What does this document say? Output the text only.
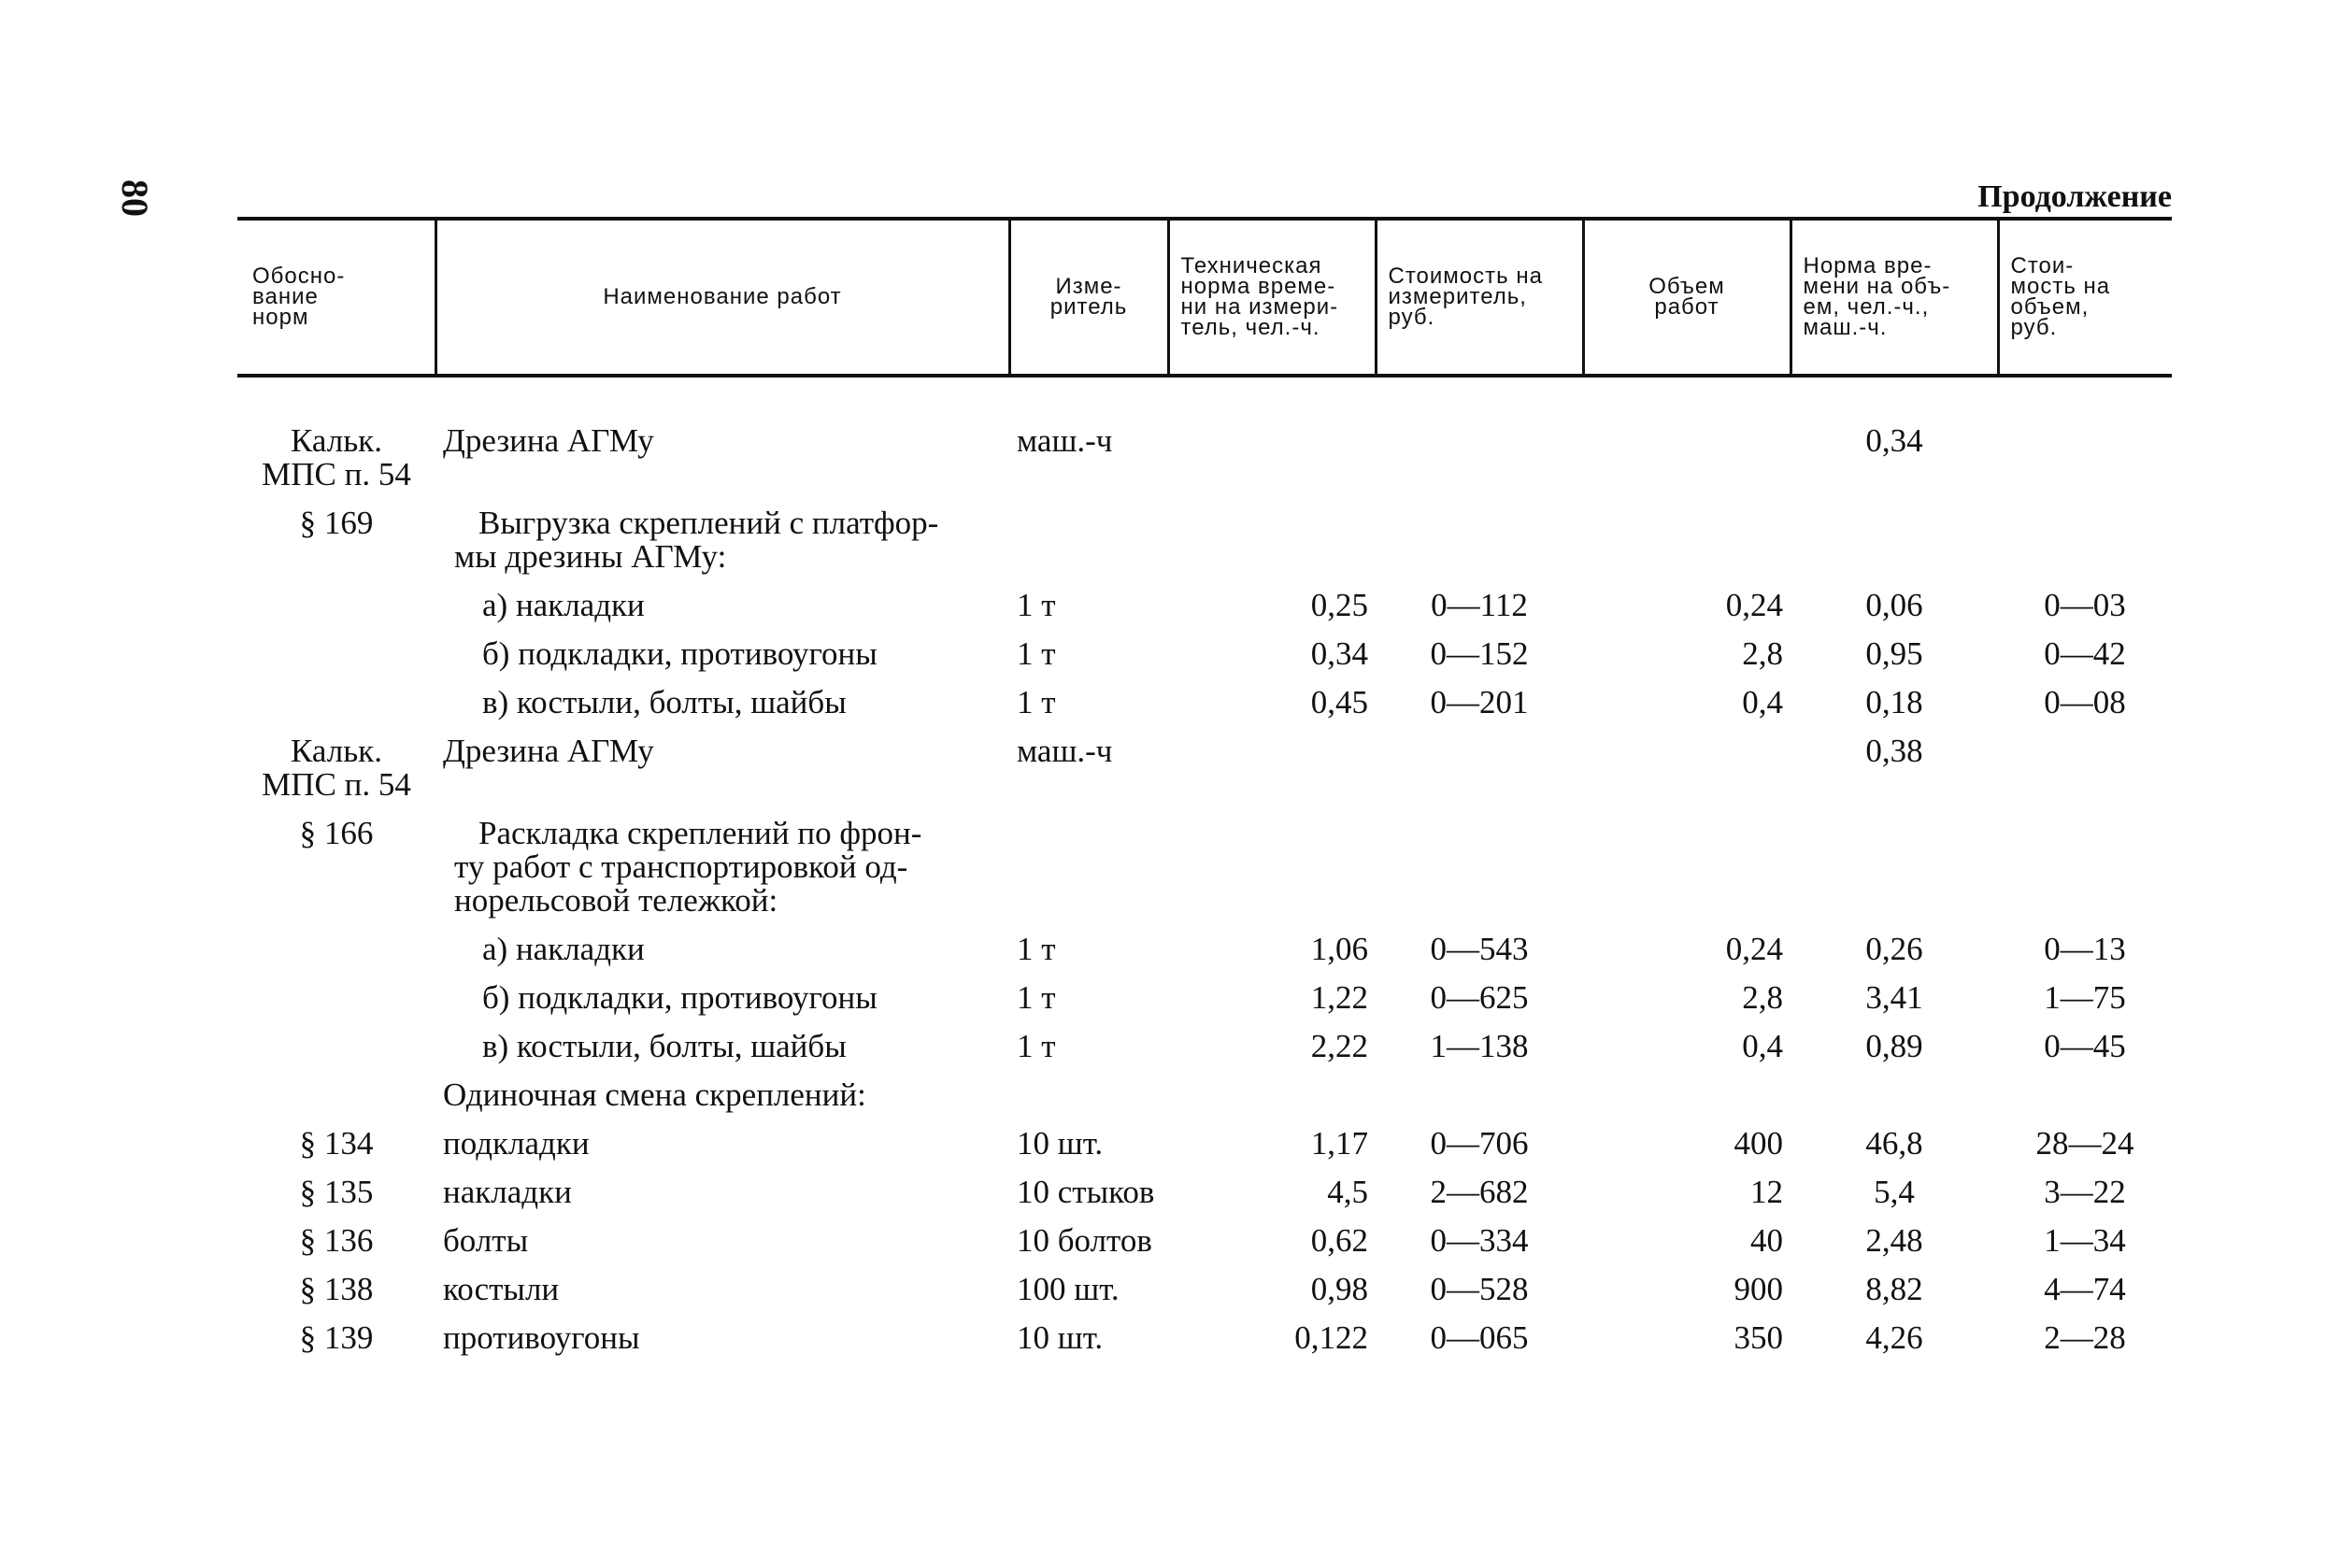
80	Продолжение
Обосно-
вание
норм	Наименование работ	Изме-
ритель	Техническая
норма време-
ни на измери-
тель, чел.-ч.	Стоимость на
измеритель,
руб.	Объем
работ	Норма вре-
мени на объ-
ем, чел.-ч.,
маш.-ч.	Стои-
мость на
объем,
руб.

Кальк.
МПС п. 54	Дрезина АГМу	маш.-ч				0,34	
§ 169	Выгрузка скреплений с платфор-
мы дрезины АГМу:						
	а) накладки	1 т	0,25	0—112	0,24	0,06	0—03
	б) подкладки, противоугоны	1 т	0,34	0—152	2,8	0,95	0—42
	в) костыли, болты, шайбы	1 т	0,45	0—201	0,4	0,18	0—08
Кальк.
МПС п. 54	Дрезина АГМу	маш.-ч				0,38	
§ 166	Раскладка скреплений по фрон-
ту работ с транспортировкой од-
норельсовой тележкой:						
	а) накладки	1 т	1,06	0—543	0,24	0,26	0—13
	б) подкладки, противоугоны	1 т	1,22	0—625	2,8	3,41	1—75
	в) костыли, болты, шайбы	1 т	2,22	1—138	0,4	0,89	0—45
	Одиночная смена скреплений:						
§ 134	подкладки	10 шт.	1,17	0—706	400	46,8	28—24
§ 135	накладки	10 стыков	4,5	2—682	12	5,4	3—22
§ 136	болты	10 болтов	0,62	0—334	40	2,48	1—34
§ 138	костыли	100 шт.	0,98	0—528	900	8,82	4—74
§ 139	противоугоны	10 шт.	0,122	0—065	350	4,26	2—28
